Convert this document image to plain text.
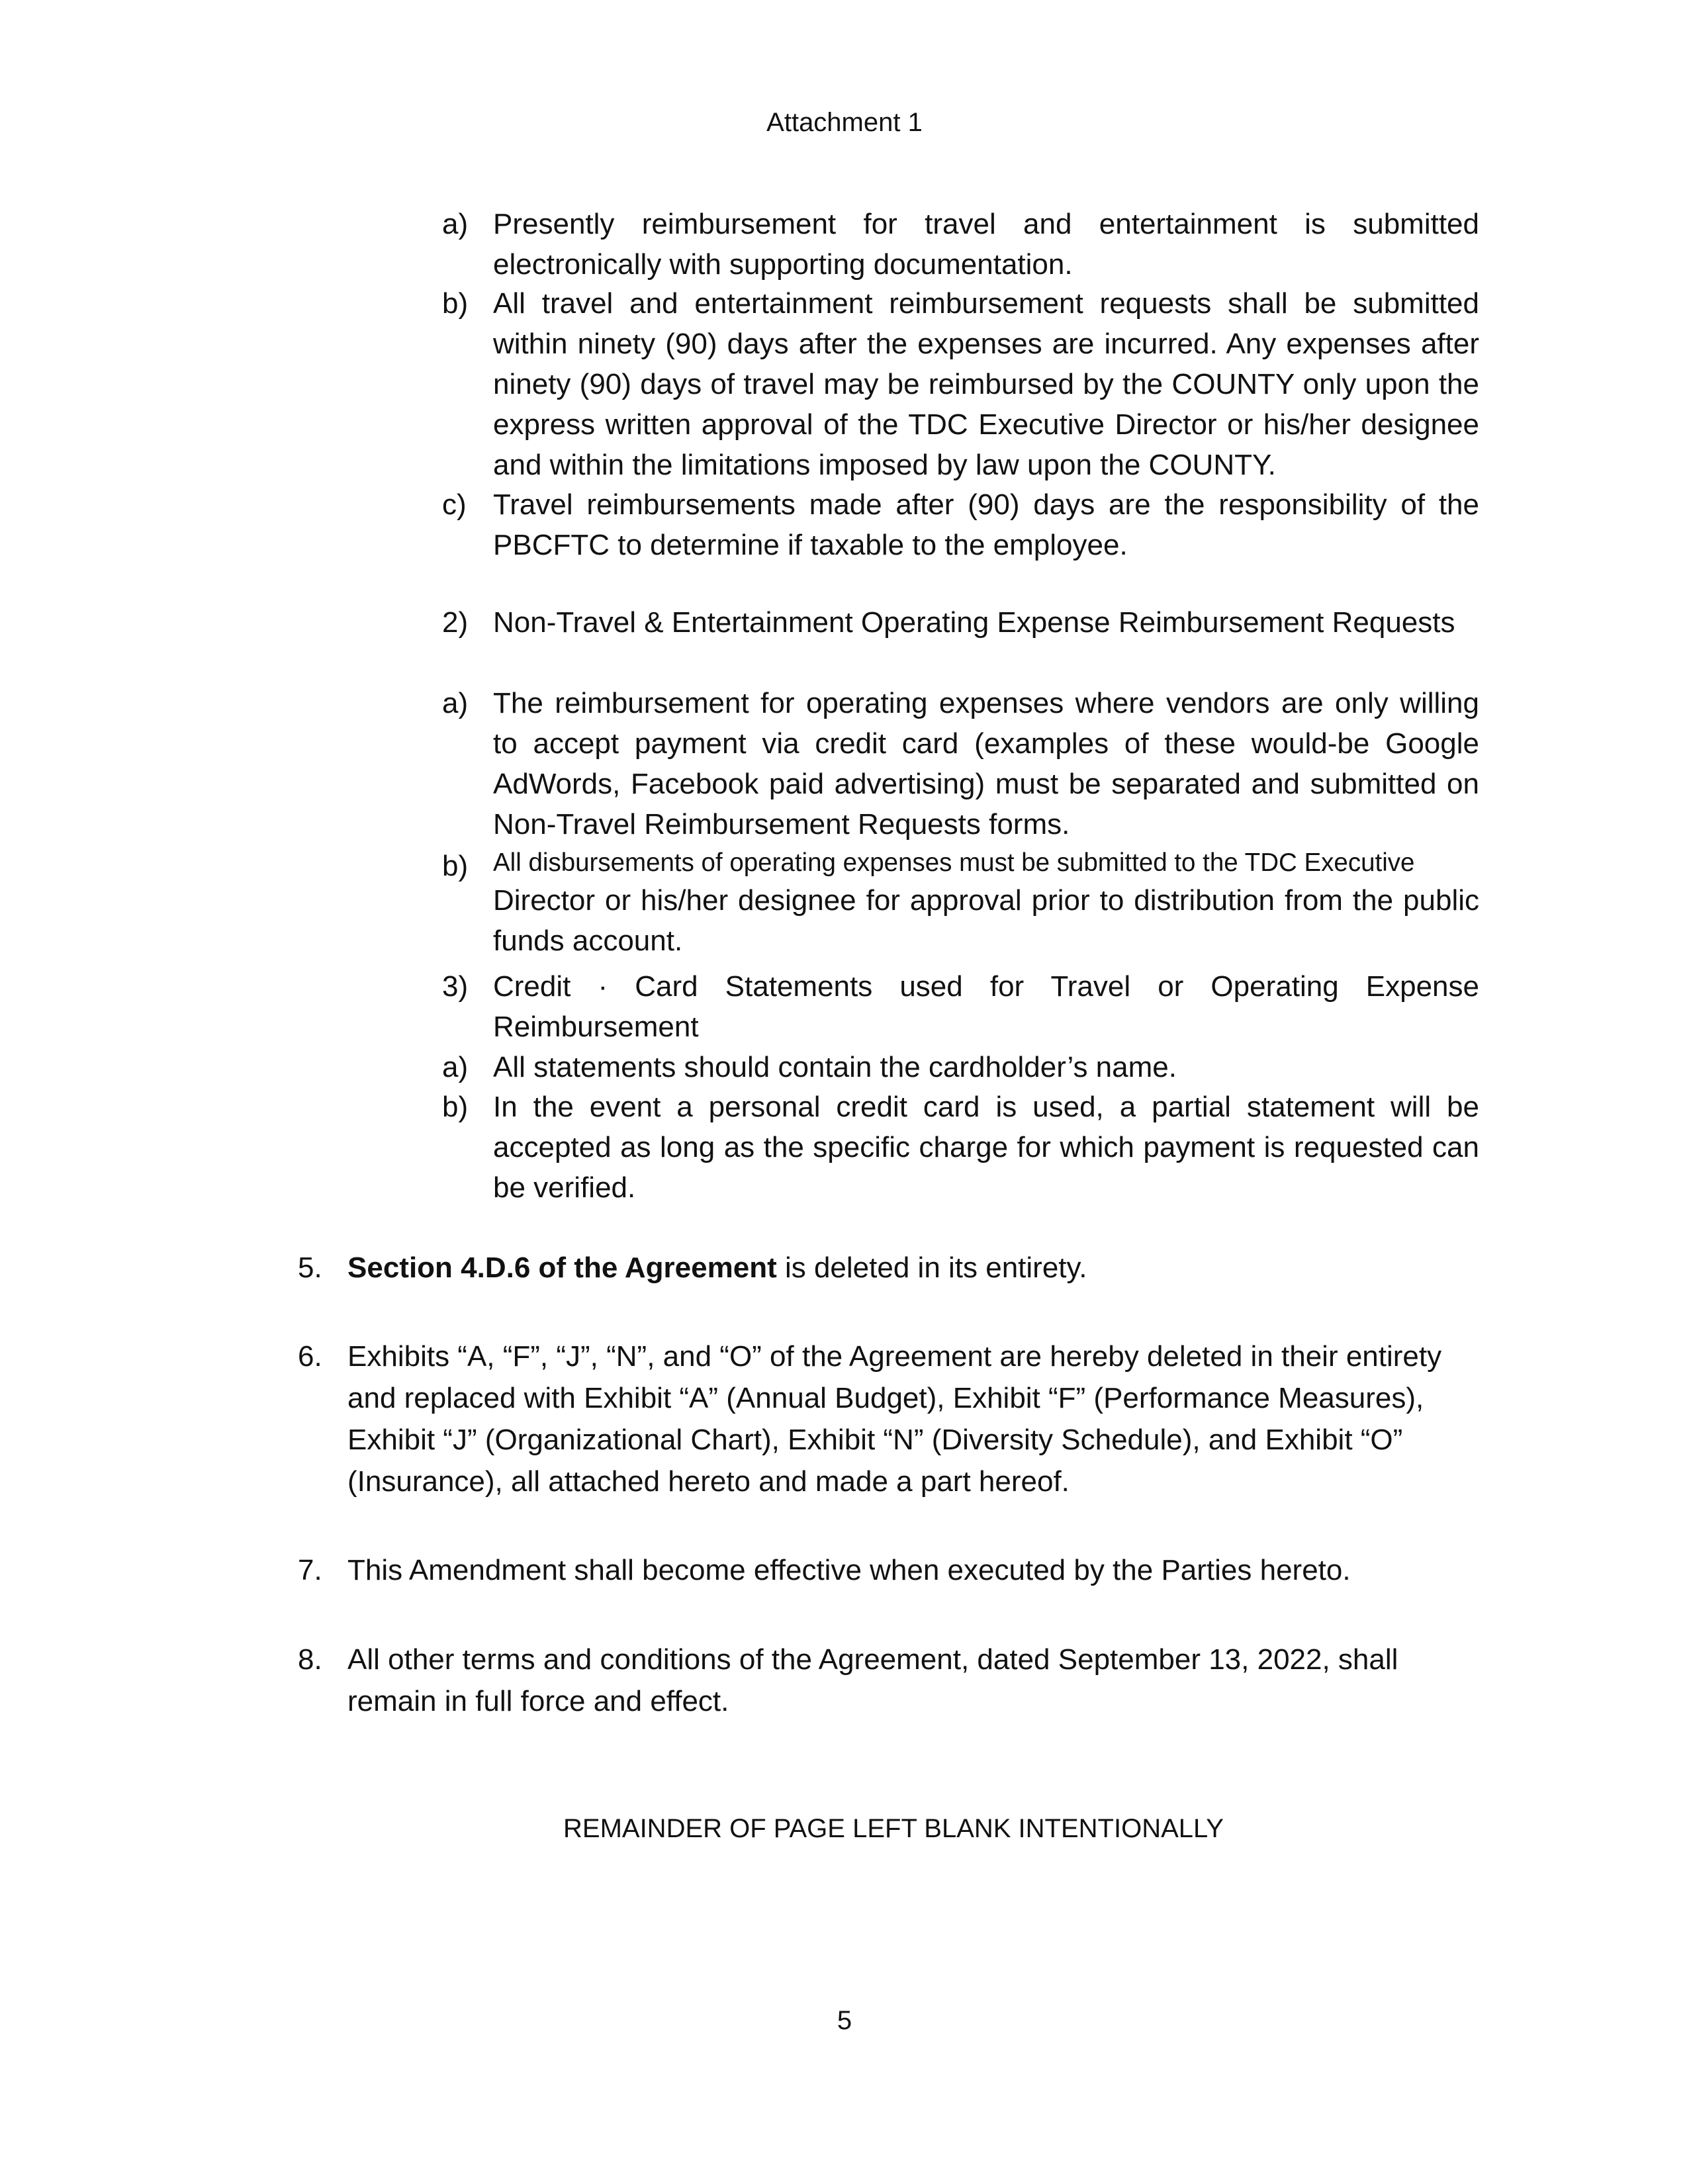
Attachment 1
a) Presently reimbursement for travel and entertainment is submitted electronically with supporting documentation.
b) All travel and entertainment reimbursement requests shall be submitted within ninety (90) days after the expenses are incurred. Any expenses after ninety (90) days of travel may be reimbursed by the COUNTY only upon the express written approval of the TDC Executive Director or his/her designee and within the limitations imposed by law upon the COUNTY.
c) Travel reimbursements made after (90) days are the responsibility of the PBCFTC to determine if taxable to the employee.
2) Non-Travel & Entertainment Operating Expense Reimbursement Requests
a) The reimbursement for operating expenses where vendors are only willing to accept payment via credit card (examples of these would-be Google AdWords, Facebook paid advertising) must be separated and submitted on Non-Travel Reimbursement Requests forms.
b) All disbursements of operating expenses must be submitted to the TDC Executive
Director or his/her designee for approval prior to distribution from the public funds account.
3) Credit · Card Statements used for Travel or Operating Expense
Reimbursement
a) All statements should contain the cardholder’s name.
b) In the event a personal credit card is used, a partial statement will be accepted as long as the specific charge for which payment is requested can be verified.
5. Section 4.D.6 of the Agreement is deleted in its entirety.
6. Exhibits “A, “F”, “J”, “N”, and “O” of the Agreement are hereby deleted in their entirety and replaced with Exhibit “A” (Annual Budget), Exhibit “F” (Performance Measures), Exhibit “J” (Organizational Chart), Exhibit “N” (Diversity Schedule), and Exhibit “O” (Insurance), all attached hereto and made a part hereof.
7. This Amendment shall become effective when executed by the Parties hereto.
8. All other terms and conditions of the Agreement, dated September 13, 2022, shall remain in full force and effect.
REMAINDER OF PAGE LEFT BLANK INTENTIONALLY
5
